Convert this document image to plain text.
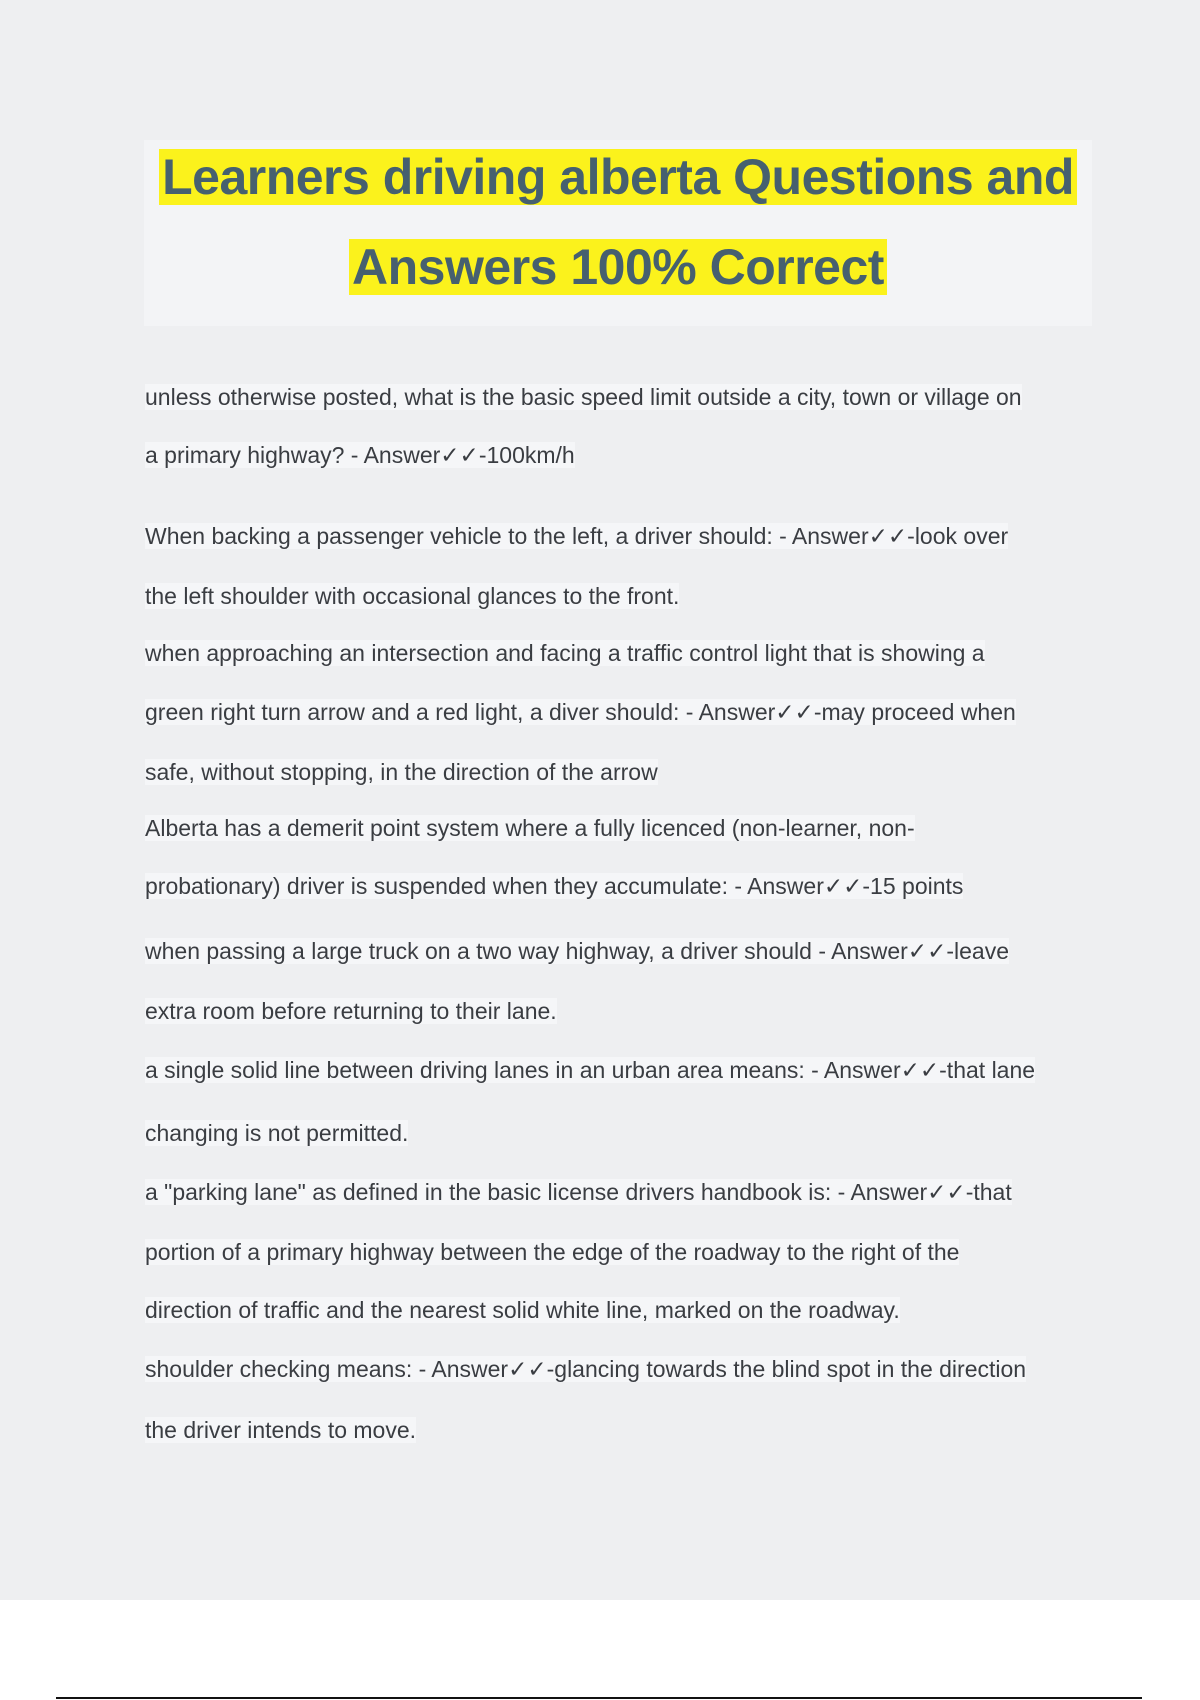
Learners driving alberta Questions and
Answers 100% Correct

unless otherwise posted, what is the basic speed limit outside a city, town or village on

a primary highway? - Answer✓✓-100km/h

When backing a passenger vehicle to the left, a driver should: - Answer✓✓-look over

the left shoulder with occasional glances to the front.

when approaching an intersection and facing a traffic control light that is showing a

green right turn arrow and a red light, a diver should: - Answer✓✓-may proceed when

safe, without stopping, in the direction of the arrow

Alberta has a demerit point system where a fully licenced (non-learner, non-

probationary) driver is suspended when they accumulate: - Answer✓✓-15 points

when passing a large truck on a two way highway, a driver should - Answer✓✓-leave

extra room before returning to their lane.

a single solid line between driving lanes in an urban area means: - Answer✓✓-that lane

changing is not permitted.

a "parking lane" as defined in the basic license drivers handbook is: - Answer✓✓-that

portion of a primary highway between the edge of the roadway to the right of the

direction of traffic and the nearest solid white line, marked on the roadway.

shoulder checking means: - Answer✓✓-glancing towards the blind spot in the direction

the driver intends to move.
